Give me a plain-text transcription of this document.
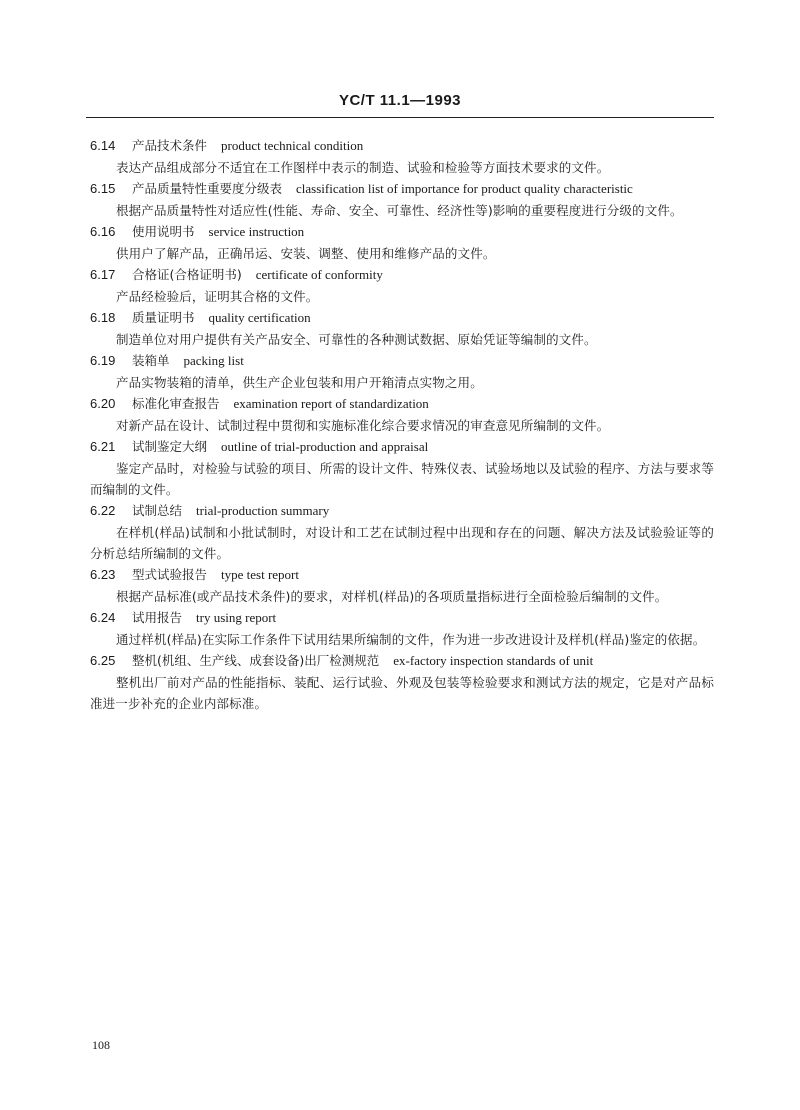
YC/T 11.1—1993
6.14 产品技术条件 product technical condition

表达产品组成部分不适宜在工作图样中表示的制造、试验和检验等方面技术要求的文件。

6.15 产品质量特性重要度分级表 classification list of importance for product quality characteristic

根据产品质量特性对适应性(性能、寿命、安全、可靠性、经济性等)影响的重要程度进行分级的文件。

6.16 使用说明书 service instruction

供用户了解产品，正确吊运、安装、调整、使用和维修产品的文件。

6.17 合格证(合格证明书) certificate of conformity

产品经检验后，证明其合格的文件。

6.18 质量证明书 quality certification

制造单位对用户提供有关产品安全、可靠性的各种测试数据、原始凭证等编制的文件。

6.19 装箱单 packing list

产品实物装箱的清单，供生产企业包装和用户开箱清点实物之用。

6.20 标准化审查报告 examination report of standardization

对新产品在设计、试制过程中贯彻和实施标准化综合要求情况的审查意见所编制的文件。

6.21 试制鉴定大纲 outline of trial-production and appraisal

鉴定产品时，对检验与试验的项目、所需的设计文件、特殊仪表、试验场地以及试验的程序、方法与要求等而编制的文件。

6.22 试制总结 trial-production summary

在样机(样品)试制和小批试制时，对设计和工艺在试制过程中出现和存在的问题、解决方法及试验验证等的分析总结所编制的文件。

6.23 型式试验报告 type test report

根据产品标准(或产品技术条件)的要求，对样机(样品)的各项质量指标进行全面检验后编制的文件。

6.24 试用报告 try using report

通过样机(样品)在实际工作条件下试用结果所编制的文件，作为进一步改进设计及样机(样品)鉴定的依据。

6.25 整机(机组、生产线、成套设备)出厂检测规范 ex-factory inspection standards of unit

整机出厂前对产品的性能指标、装配、运行试验、外观及包装等检验要求和测试方法的规定，它是对产品标准进一步补充的企业内部标准。

108
